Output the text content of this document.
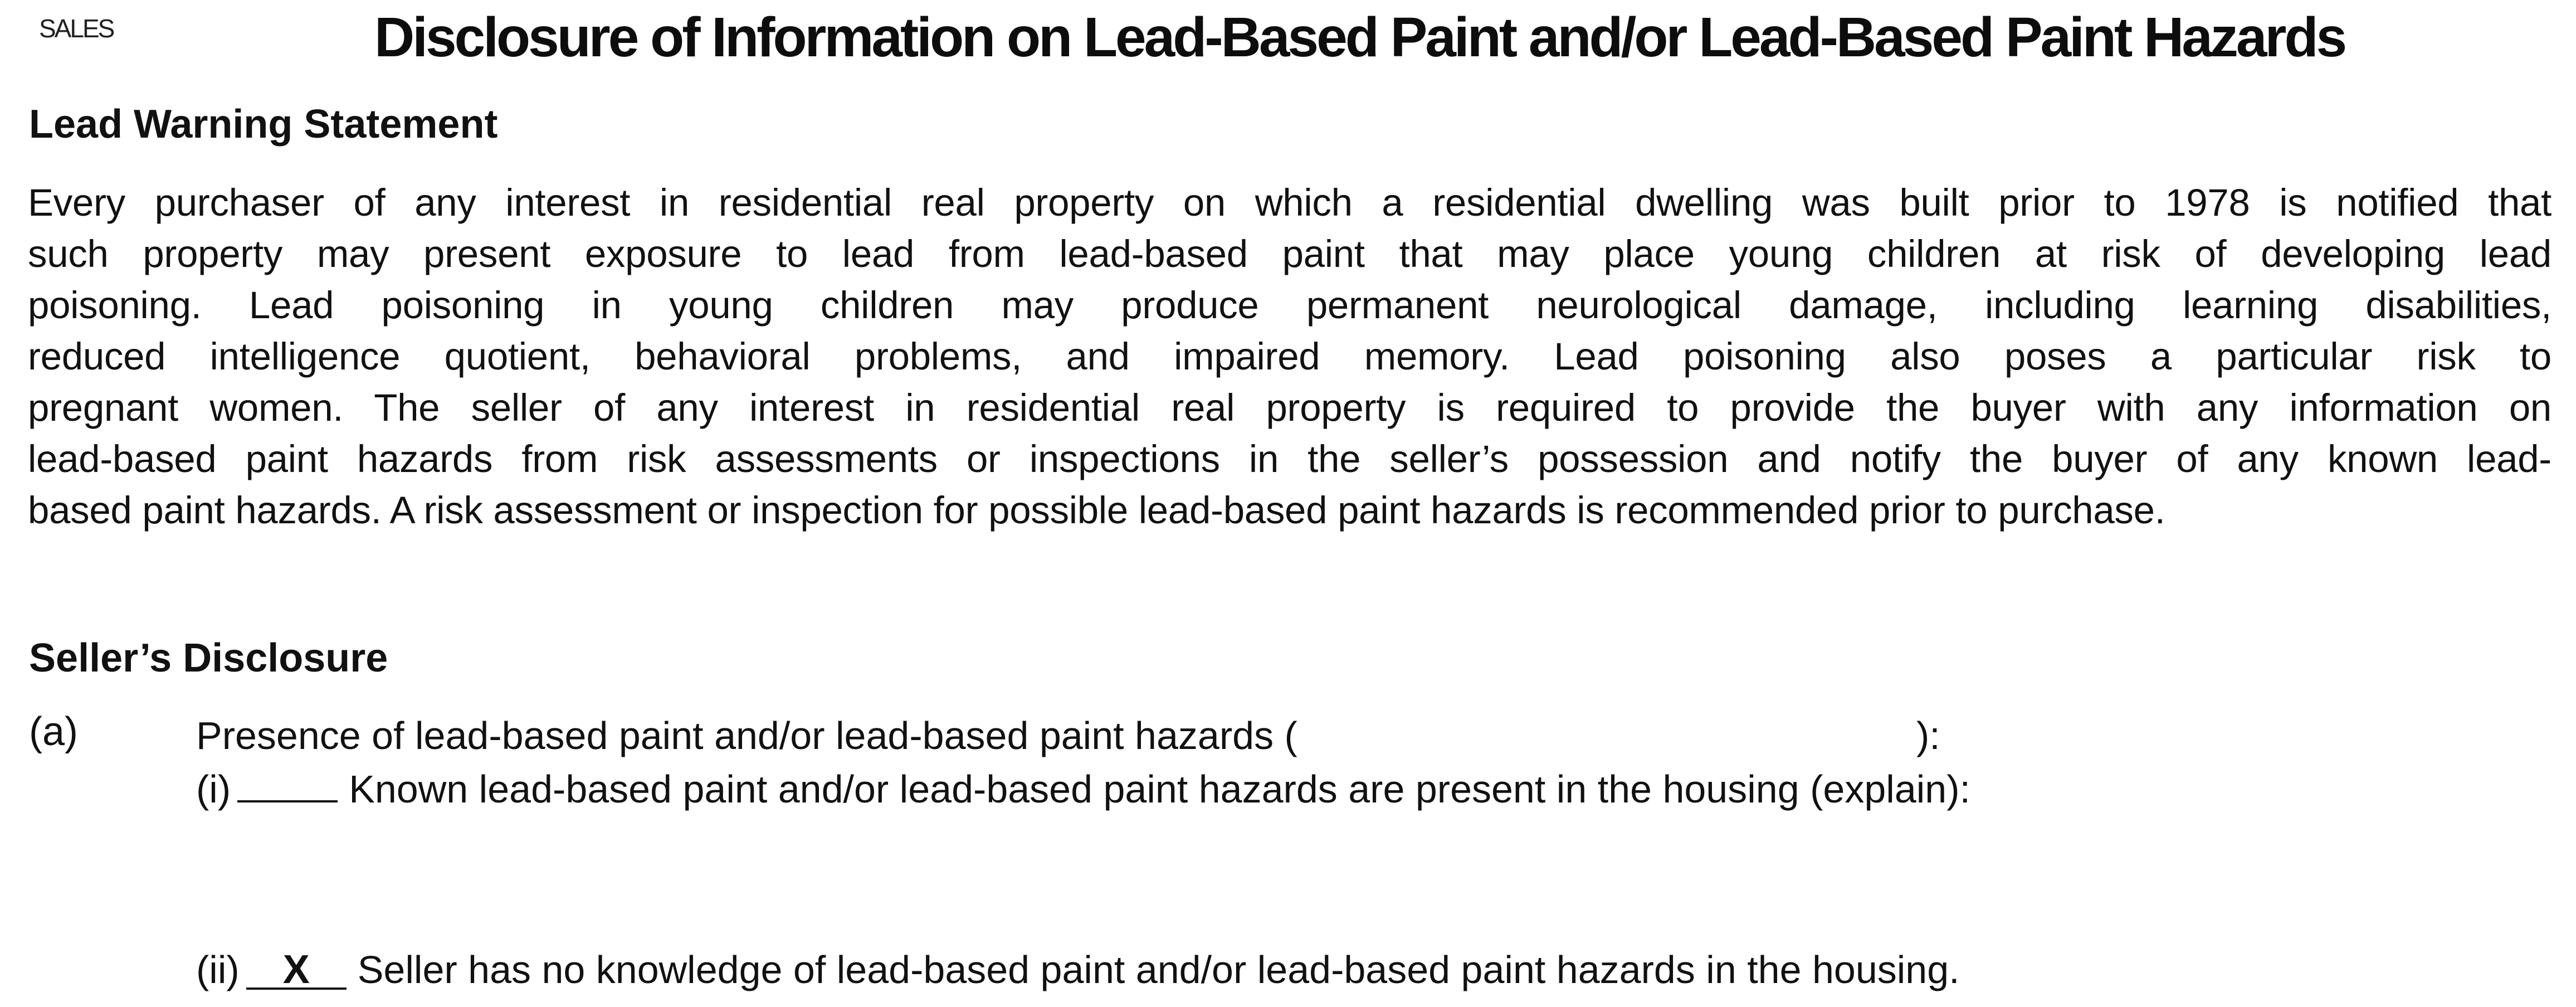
SALES	Disclosure of Information on Lead-Based Paint and/or Lead-Based Paint Hazards
Lead Warning Statement
Every purchaser of any interest in residential real property on which a residential dwelling was built prior to 1978 is notified that
such property may present exposure to lead from lead-based paint that may place young children at risk of developing lead
poisoning. Lead poisoning in young children may produce permanent neurological damage, including learning disabilities,
reduced intelligence quotient, behavioral problems, and impaired memory. Lead poisoning also poses a particular risk to
pregnant women. The seller of any interest in residential real property is required to provide the buyer with any information on
lead-based paint hazards from risk assessments or inspections in the seller’s possession and notify the buyer of any known lead-
based paint hazards. A risk assessment or inspection for possible lead-based paint hazards is recommended prior to purchase.
Seller’s Disclosure
(a)	Presence of lead-based paint and/or lead-based paint hazards (	):
(i)	Known lead-based paint and/or lead-based paint hazards are present in the housing (explain):
(ii) X Seller has no knowledge of lead-based paint and/or lead-based paint hazards in the housing.
